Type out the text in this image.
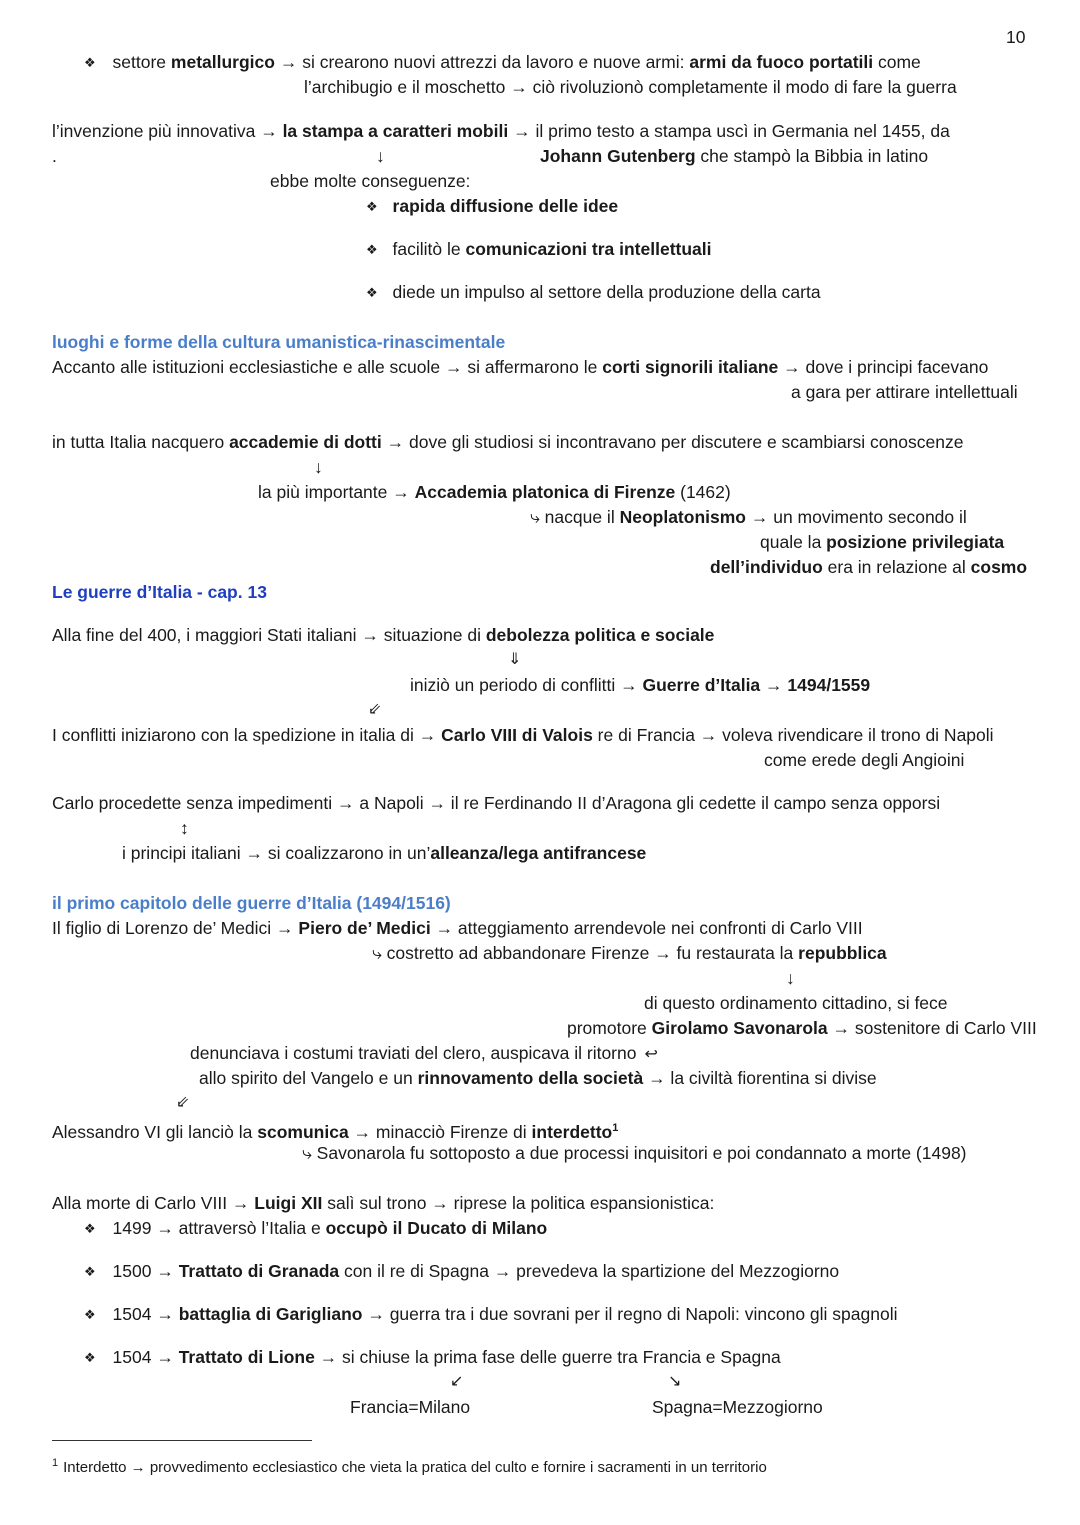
10
❖ settore metallurgico → si crearono nuovi attrezzi da lavoro e nuove armi: armi da fuoco portatili come
l’archibugio e il moschetto → ciò rivoluzionò completamente il modo di fare la guerra
l’invenzione più innovativa → la stampa a caratteri mobili → il primo testo a stampa uscì in Germania nel 1455, da
.	↓	Johann Gutenberg che stampò la Bibbia in latino
ebbe molte conseguenze:
❖ rapida diffusione delle idee
❖ facilitò le comunicazioni tra intellettuali
❖ diede un impulso al settore della produzione della carta
luoghi e forme della cultura umanistica-rinascimentale
Accanto alle istituzioni ecclesiastiche e alle scuole → si affermarono le corti signorili italiane → dove i principi facevano
a gara per attirare intellettuali
in tutta Italia nacquero accademie di dotti → dove gli studiosi si incontravano per discutere e scambiarsi conoscenze
↓
la più importante → Accademia platonica di Firenze (1462)
⤷ nacque il Neoplatonismo → un movimento secondo il
quale la posizione privilegiata
dell’individuo era in relazione al cosmo
Le guerre d’Italia - cap. 13
Alla fine del 400, i maggiori Stati italiani → situazione di debolezza politica e sociale
⇓
iniziò un periodo di conflitti → Guerre d’Italia → 1494/1559
⇙
I conflitti iniziarono con la spedizione in italia di → Carlo VIII di Valois re di Francia → voleva rivendicare il trono di Napoli
come erede degli Angioini
Carlo procedette senza impedimenti → a Napoli → il re Ferdinando II d’Aragona gli cedette il campo senza opporsi
↕
i principi italiani → si coalizzarono in un’alleanza/lega antifrancese
il primo capitolo delle guerre d’Italia (1494/1516)
Il figlio di Lorenzo de’ Medici → Piero de’ Medici → atteggiamento arrendevole nei confronti di Carlo VIII
⤷ costretto ad abbandonare Firenze → fu restaurata la repubblica
↓
di questo ordinamento cittadino, si fece
promotore Girolamo Savonarola → sostenitore di Carlo VIII
denunciava i costumi traviati del clero, auspicava il ritorno ↩
allo spirito del Vangelo e un rinnovamento della società → la civiltà fiorentina si divise
⇙
Alessandro VI gli lanciò la scomunica → minacciò Firenze di interdetto$^1$
⤷ Savonarola fu sottoposto a due processi inquisitori e poi condannato a morte (1498)
Alla morte di Carlo VIII → Luigi XII salì sul trono → riprese la politica espansionistica:
❖ 1499 → attraversò l’Italia e occupò il Ducato di Milano
❖ 1500 → Trattato di Granada con il re di Spagna → prevedeva la spartizione del Mezzogiorno
❖ 1504 → battaglia di Garigliano → guerra tra i due sovrani per il regno di Napoli: vincono gli spagnoli
❖ 1504 → Trattato di Lione → si chiuse la prima fase delle guerre tra Francia e Spagna
↙	↘
Francia=Milano	Spagna=Mezzogiorno
$^1$ Interdetto → provvedimento ecclesiastico che vieta la pratica del culto e fornire i sacramenti in un territorio
